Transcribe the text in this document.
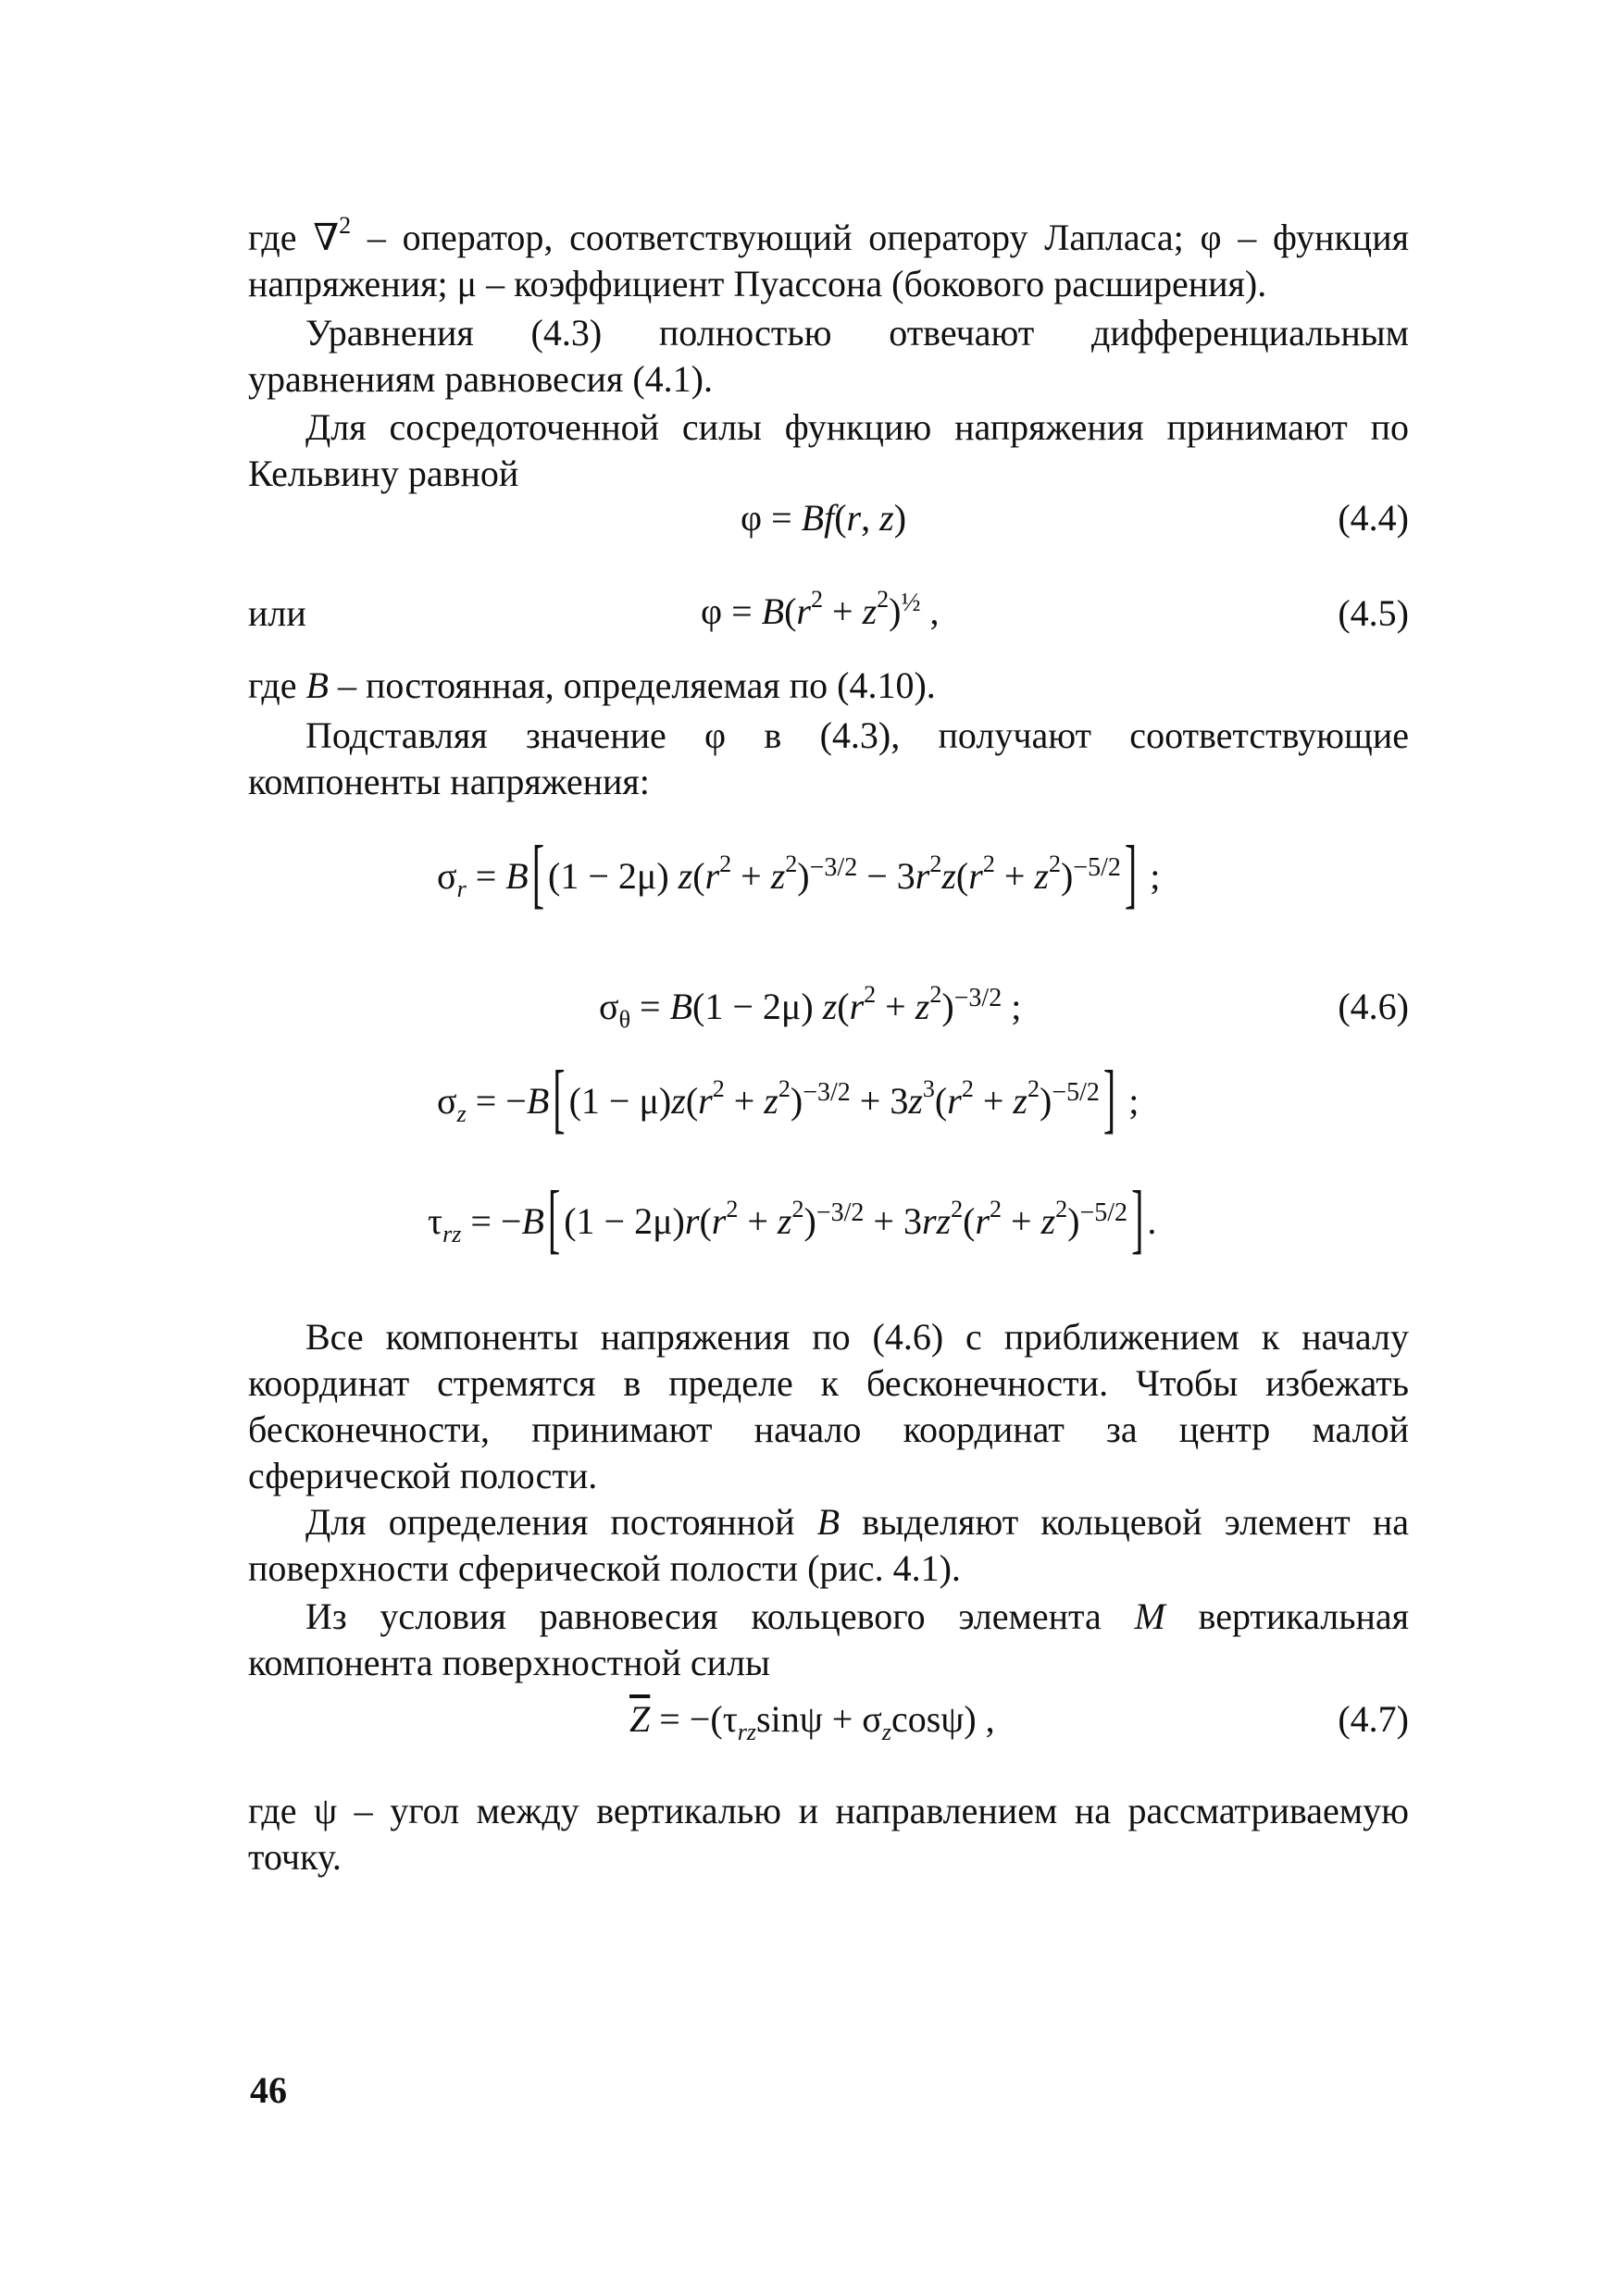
где ∇$^2$ – оператор, соответствующий оператору Лапласа; φ – функция напряжения; μ – коэффициент Пуассона (бокового расширения).
Уравнения (4.3) полностью отвечают дифференциальным уравнениям равновесия (4.1).
Для сосредоточенной силы функцию напряжения принимают по Кельвину равной
φ = Bf(r, z)	(4.4)
или	$\varphi = B(r^2 + z^2)^{\frac{1}{2}}$ ,	(4.5)
где B – постоянная, определяемая по (4.10).
Подставляя значение φ в (4.3), получают соответствующие компоненты напряжения:
$\sigma_r = B$ [ (1 − 2μ) $z(r^2 + z^2)^{-3/2} - 3r^2z(r^2 + z^2)^{-5/2}$ ] ;
$\sigma_\theta = B(1 - 2\mu) z(r^2 + z^2)^{-3/2}$ ;	(4.6)
$\sigma_z = -B$ [ $(1 - \mu)z(r^2 + z^2)^{-3/2} + 3z^3(r^2 + z^2)^{-5/2}$ ] ;
$\tau_{rz} = -B$ [ $(1 - 2\mu)r(r^2 + z^2)^{-3/2} + 3rz^2(r^2 + z^2)^{-5/2}$ ] .
Все компоненты напряжения по (4.6) с приближением к началу координат стремятся в пределе к бесконечности. Чтобы избежать бесконечности, принимают начало координат за центр малой сферической полости.
Для определения постоянной B выделяют кольцевой элемент на поверхности сферической полости (рис. 4.1).
Из условия равновесия кольцевого элемента M вертикальная компонента поверхностной силы
$\overline{Z} = -(\tau_{rz}\sin\psi + \sigma_z\cos\psi)$ ,	(4.7)
где ψ – угол между вертикалью и направлением на рассматриваемую точку.
46
